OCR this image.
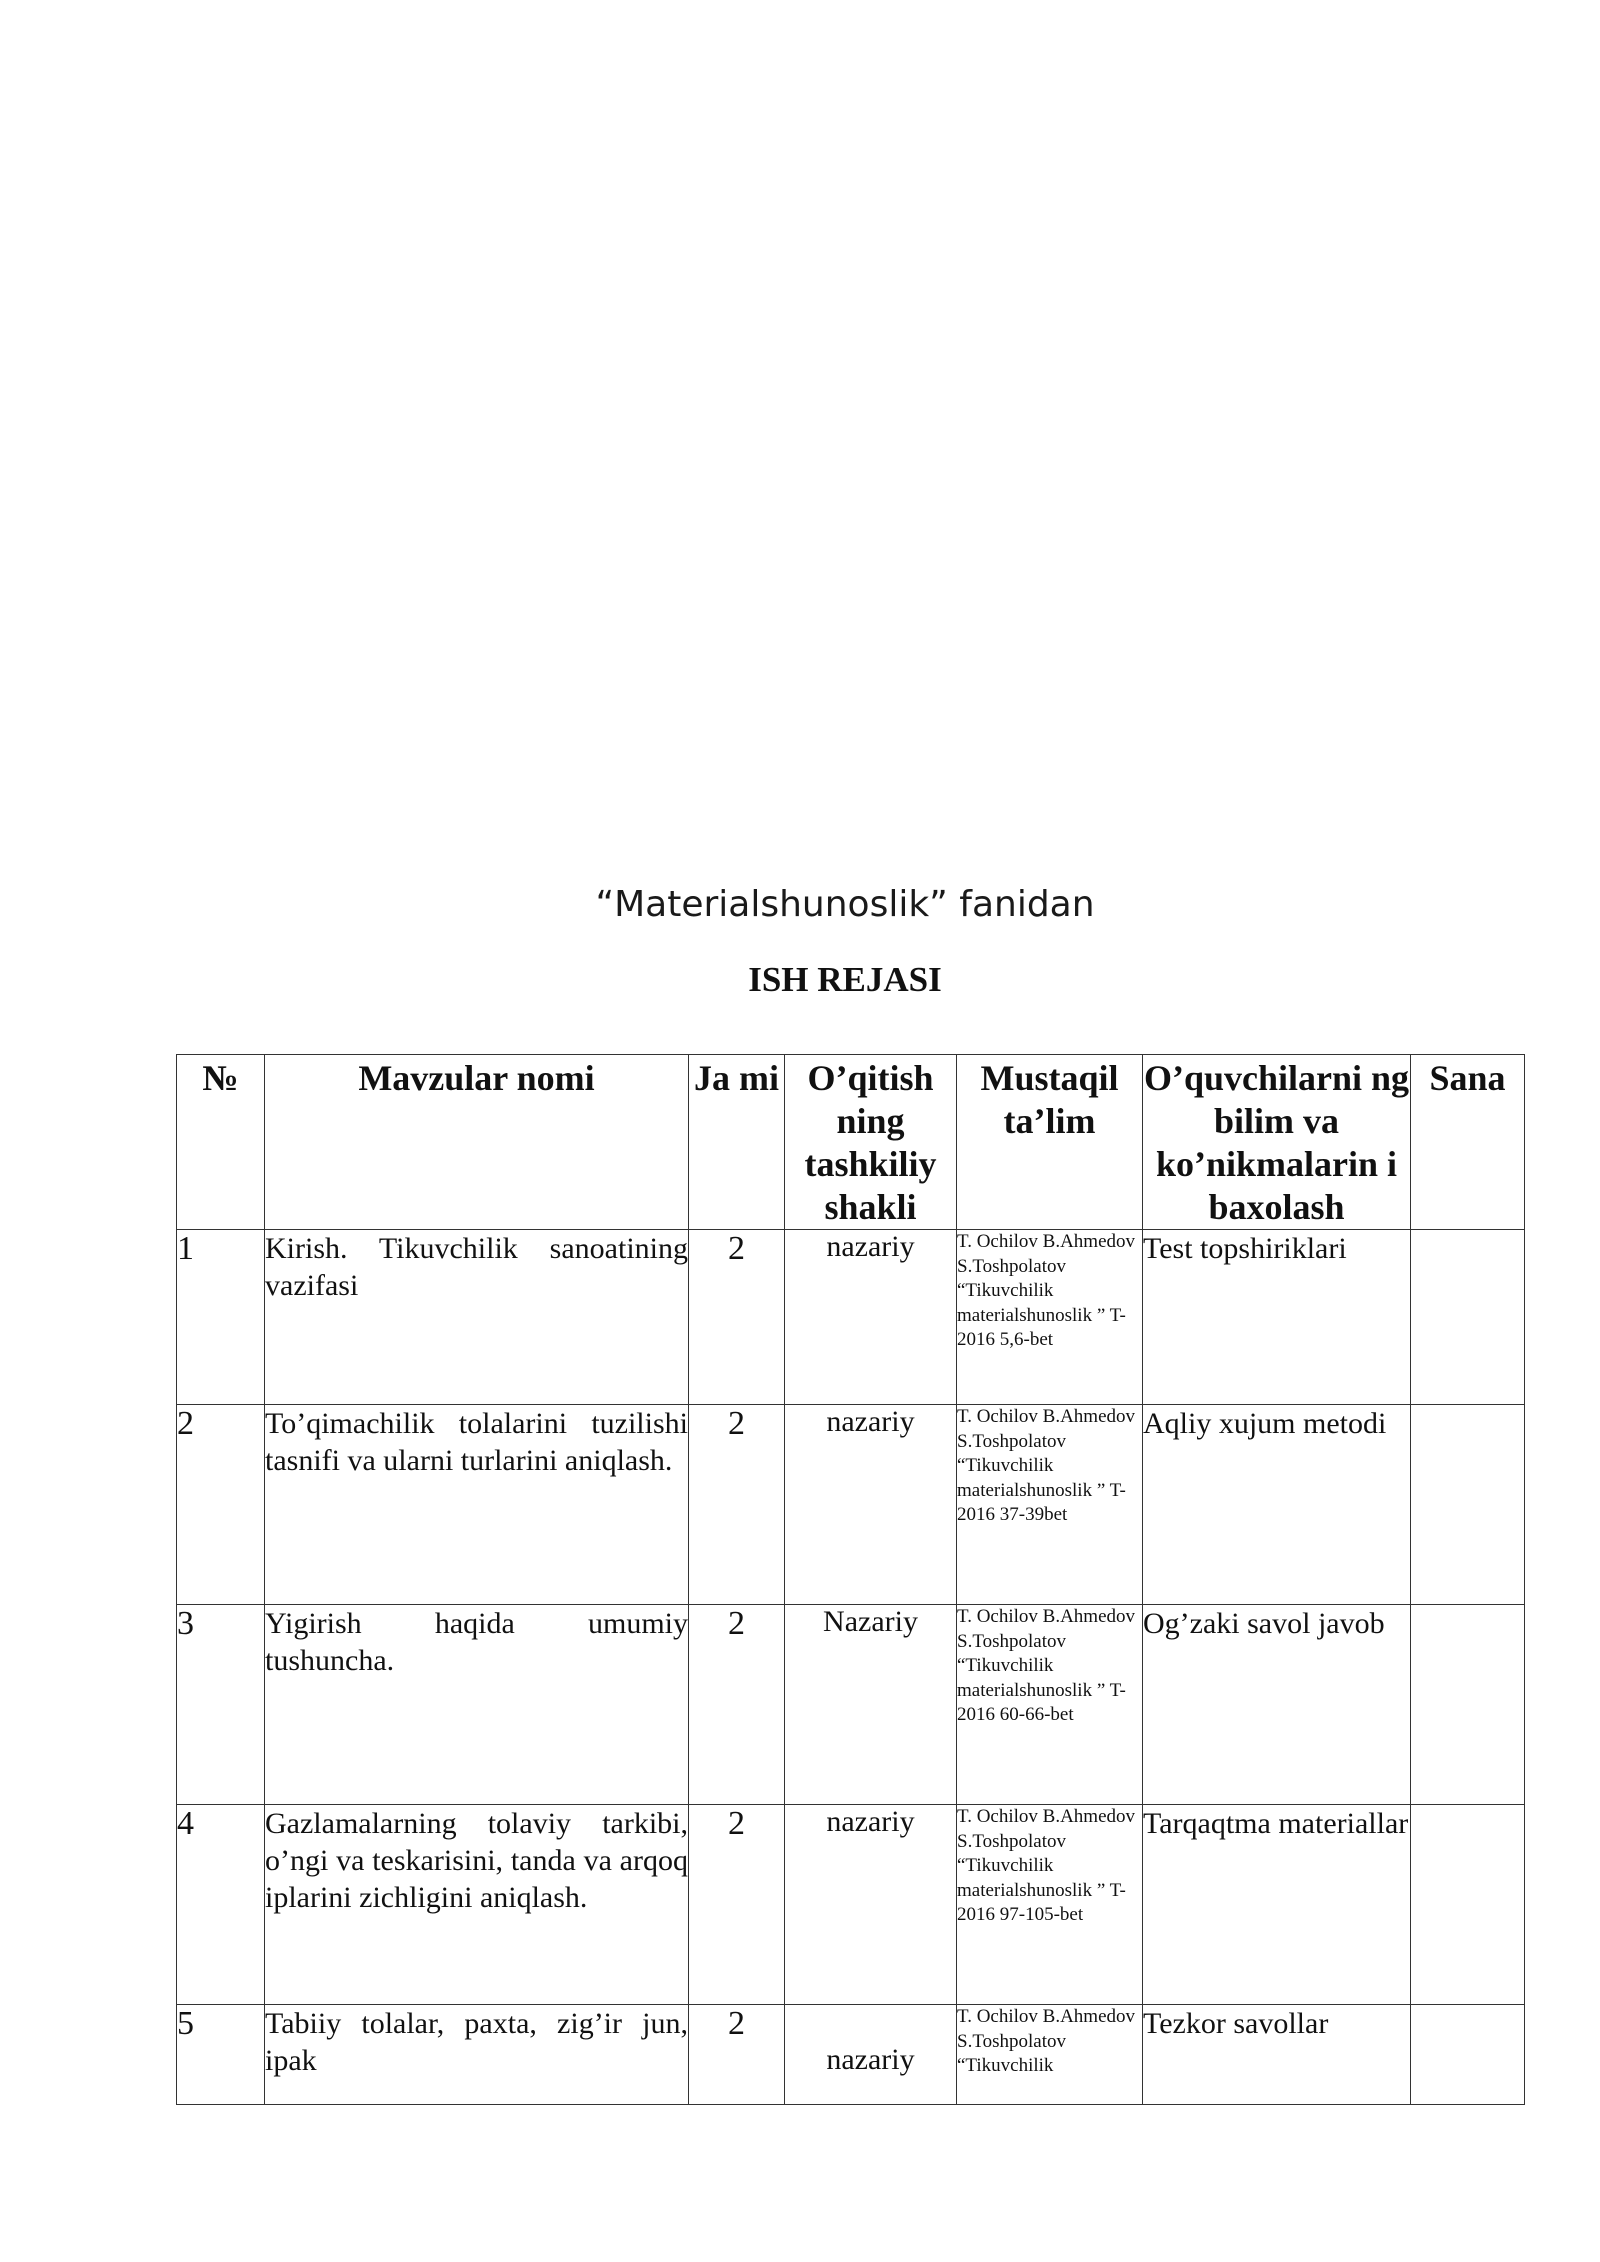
“Materialshunoslik” fanidan
ISH REJASI
№	Mavzular nomi	Ja mi	O’qitish ning tashkiliy shakli	Mustaqil ta’lim	O’quvchilarni ng bilim va ko’nikmalarin i baxolash	Sana
1	Kirish. Tikuvchilik sanoatining vazifasi	2	nazariy	T. Ochilov B.Ahmedov S.Toshpolatov “Tikuvchilik materialshunoslik ” T-2016 5,6-bet	Test topshiriklari	
2	To’qimachilik tolalarini tuzilishi tasnifi va ularni turlarini aniqlash.	2	nazariy	T. Ochilov B.Ahmedov S.Toshpolatov “Tikuvchilik materialshunoslik ” T-2016 37-39bet	Aqliy xujum metodi	
3	Yigirish haqida umumiy tushuncha.	2	Nazariy	T. Ochilov B.Ahmedov S.Toshpolatov “Tikuvchilik materialshunoslik ” T-2016 60-66-bet	Og’zaki savol javob	
4	Gazlamalarning tolaviy tarkibi, o’ngi va teskarisini, tanda va arqoq iplarini zichligini aniqlash.	2	nazariy	T. Ochilov B.Ahmedov S.Toshpolatov “Tikuvchilik materialshunoslik ” T-2016 97-105-bet	Tarqaqtma materiallar	
5	Tabiiy tolalar, paxta, zig’ir jun, ipak	2	nazariy	T. Ochilov B.Ahmedov S.Toshpolatov “Tikuvchilik	Tezkor savollar	
